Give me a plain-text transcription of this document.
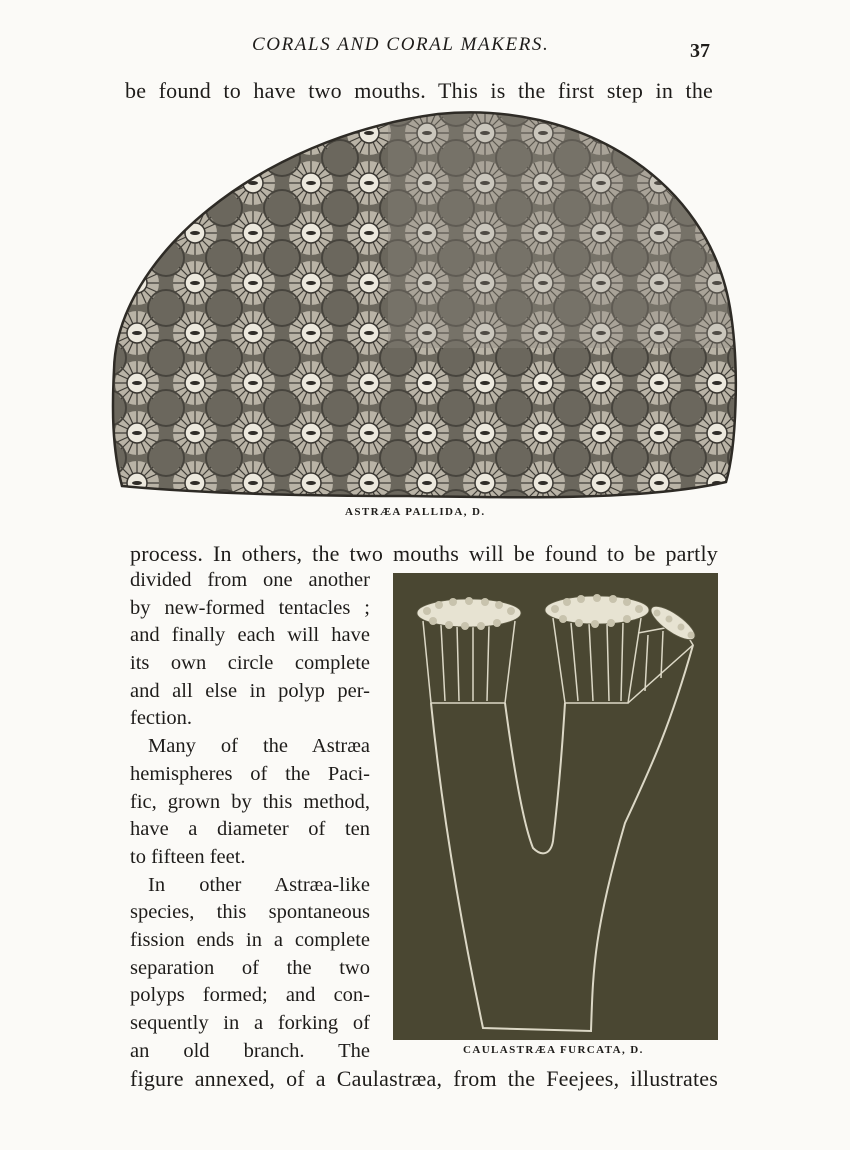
CORALS AND CORAL MAKERS.	37
be found to have two mouths. This is the first step in the
ASTRÆA PALLIDA, D.
process. In others, the two mouths will be found to be partly
divided from one another
by new-formed tentacles ;
and finally each will have
its own circle complete
and all else in polyp per-
fection.
Many of the Astræa
hemispheres of the Paci-
fic, grown by this method,
have a diameter of ten
to fifteen feet.
In other Astræa-like
species, this spontaneous
fission ends in a complete
separation of the two
polyps formed; and con-
sequently in a forking of
an old branch. The	CAULASTRÆA FURCATA, D.
figure annexed, of a Caulastræa, from the Feejees, illustrates
